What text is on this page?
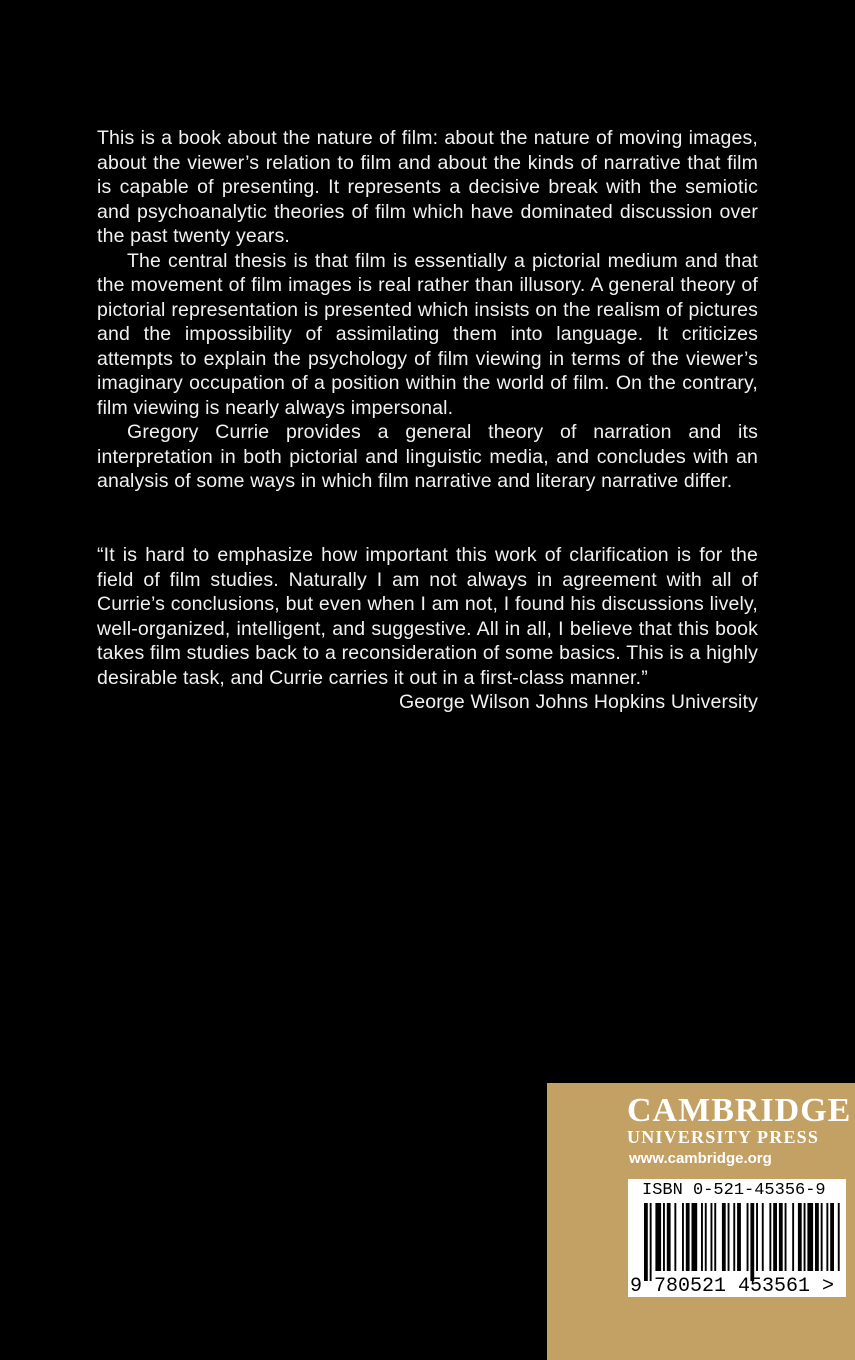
This is a book about the nature of film: about the nature of moving images, about the viewer’s relation to film and about the kinds of narrative that film is capable of presenting. It represents a decisive break with the semiotic and psychoanalytic theories of film which have dominated discussion over the past twenty years.

The central thesis is that film is essentially a pictorial medium and that the movement of film images is real rather than illusory. A general theory of pictorial representation is presented which insists on the realism of pictures and the impossibility of assimilating them into language. It criticizes attempts to explain the psychology of film viewing in terms of the viewer’s imaginary occupation of a position within the world of film. On the contrary, film viewing is nearly always impersonal.

Gregory Currie provides a general theory of narration and its interpretation in both pictorial and linguistic media, and concludes with an analysis of some ways in which film narrative and literary narrative differ.

“It is hard to emphasize how important this work of clarification is for the field of film studies. Naturally I am not always in agreement with all of Currie’s conclusions, but even when I am not, I found his discussions lively, well-organized, intelligent, and suggestive. All in all, I believe that this book takes film studies back to a reconsideration of some basics. This is a highly desirable task, and Currie carries it out in a first-class manner.”

George Wilson Johns Hopkins University

CAMBRIDGE
UNIVERSITY PRESS
www.cambridge.org
ISBN 0-521-45356-9
9 780521 453561 >
